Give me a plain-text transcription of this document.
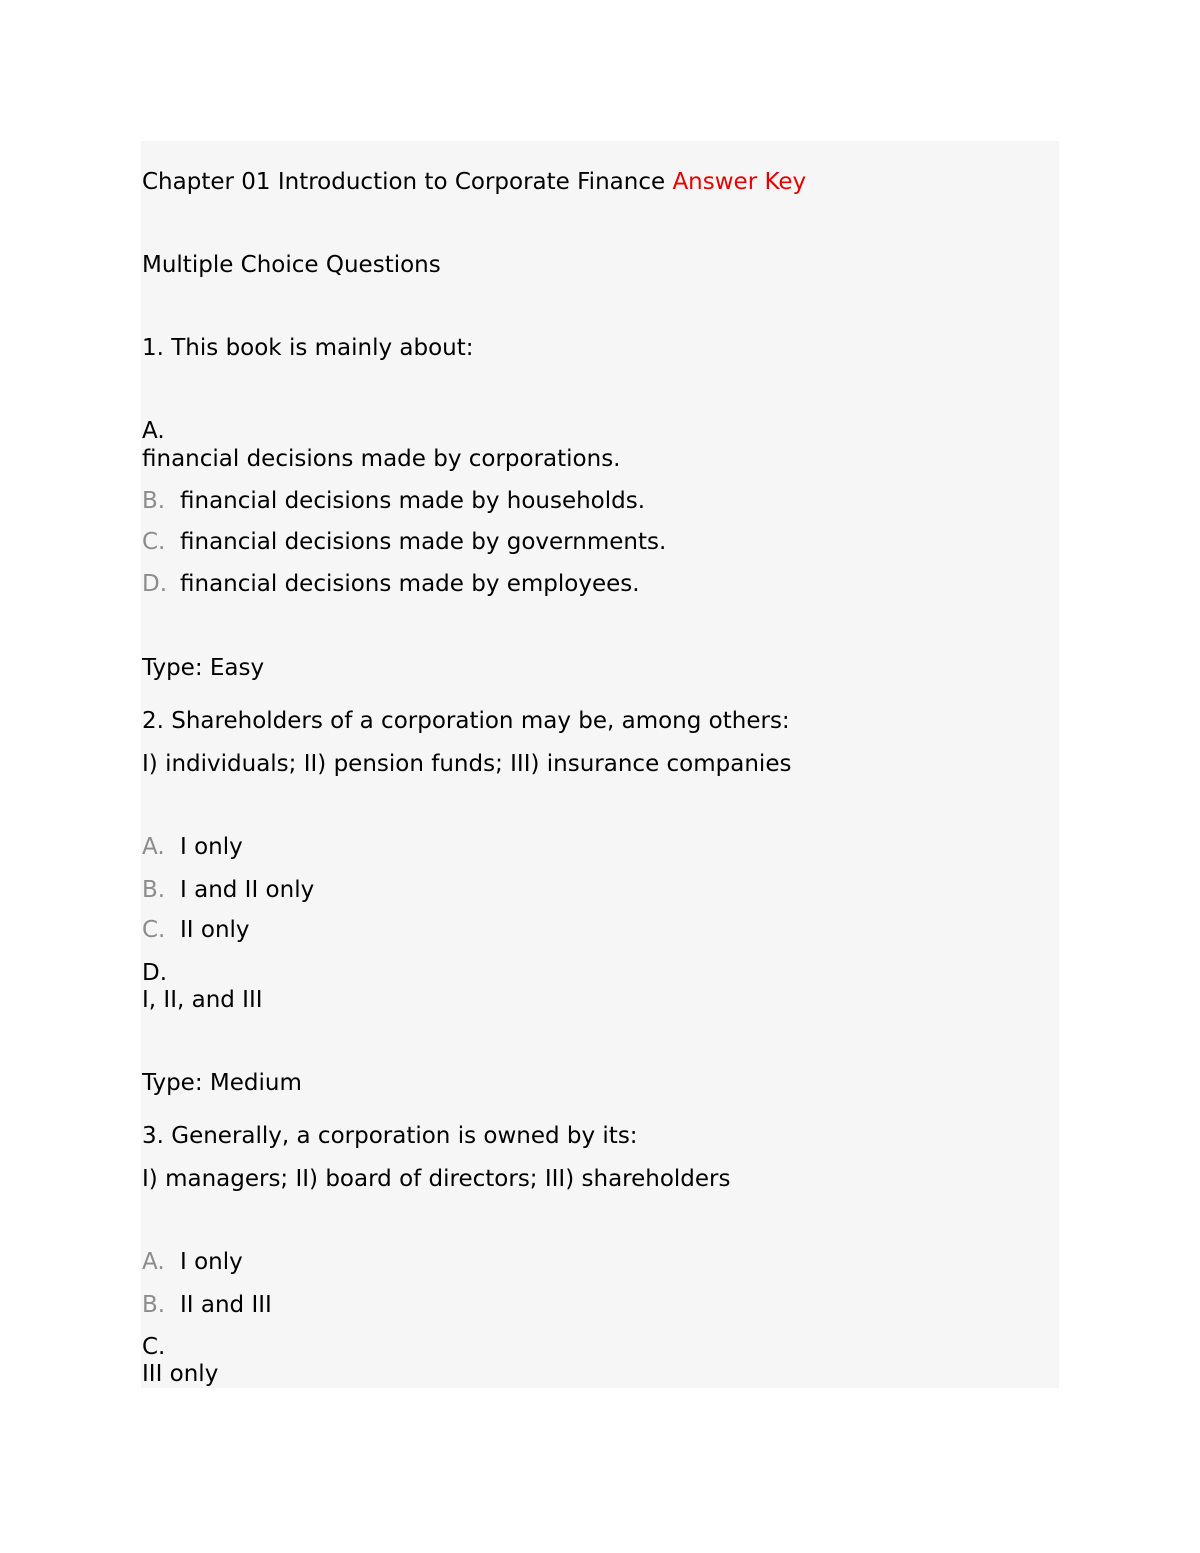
Chapter 01 Introduction to Corporate Finance Answer Key
Multiple Choice Questions
1. This book is mainly about:
A.
financial decisions made by corporations.
B. financial decisions made by households.
C. financial decisions made by governments.
D. financial decisions made by employees.
Type: Easy
2. Shareholders of a corporation may be, among others:
I) individuals; II) pension funds; III) insurance companies
A. I only
B. I and II only
C. II only
D.
I, II, and III
Type: Medium
3. Generally, a corporation is owned by its:
I) managers; II) board of directors; III) shareholders
A. I only
B. II and III
C.
III only
